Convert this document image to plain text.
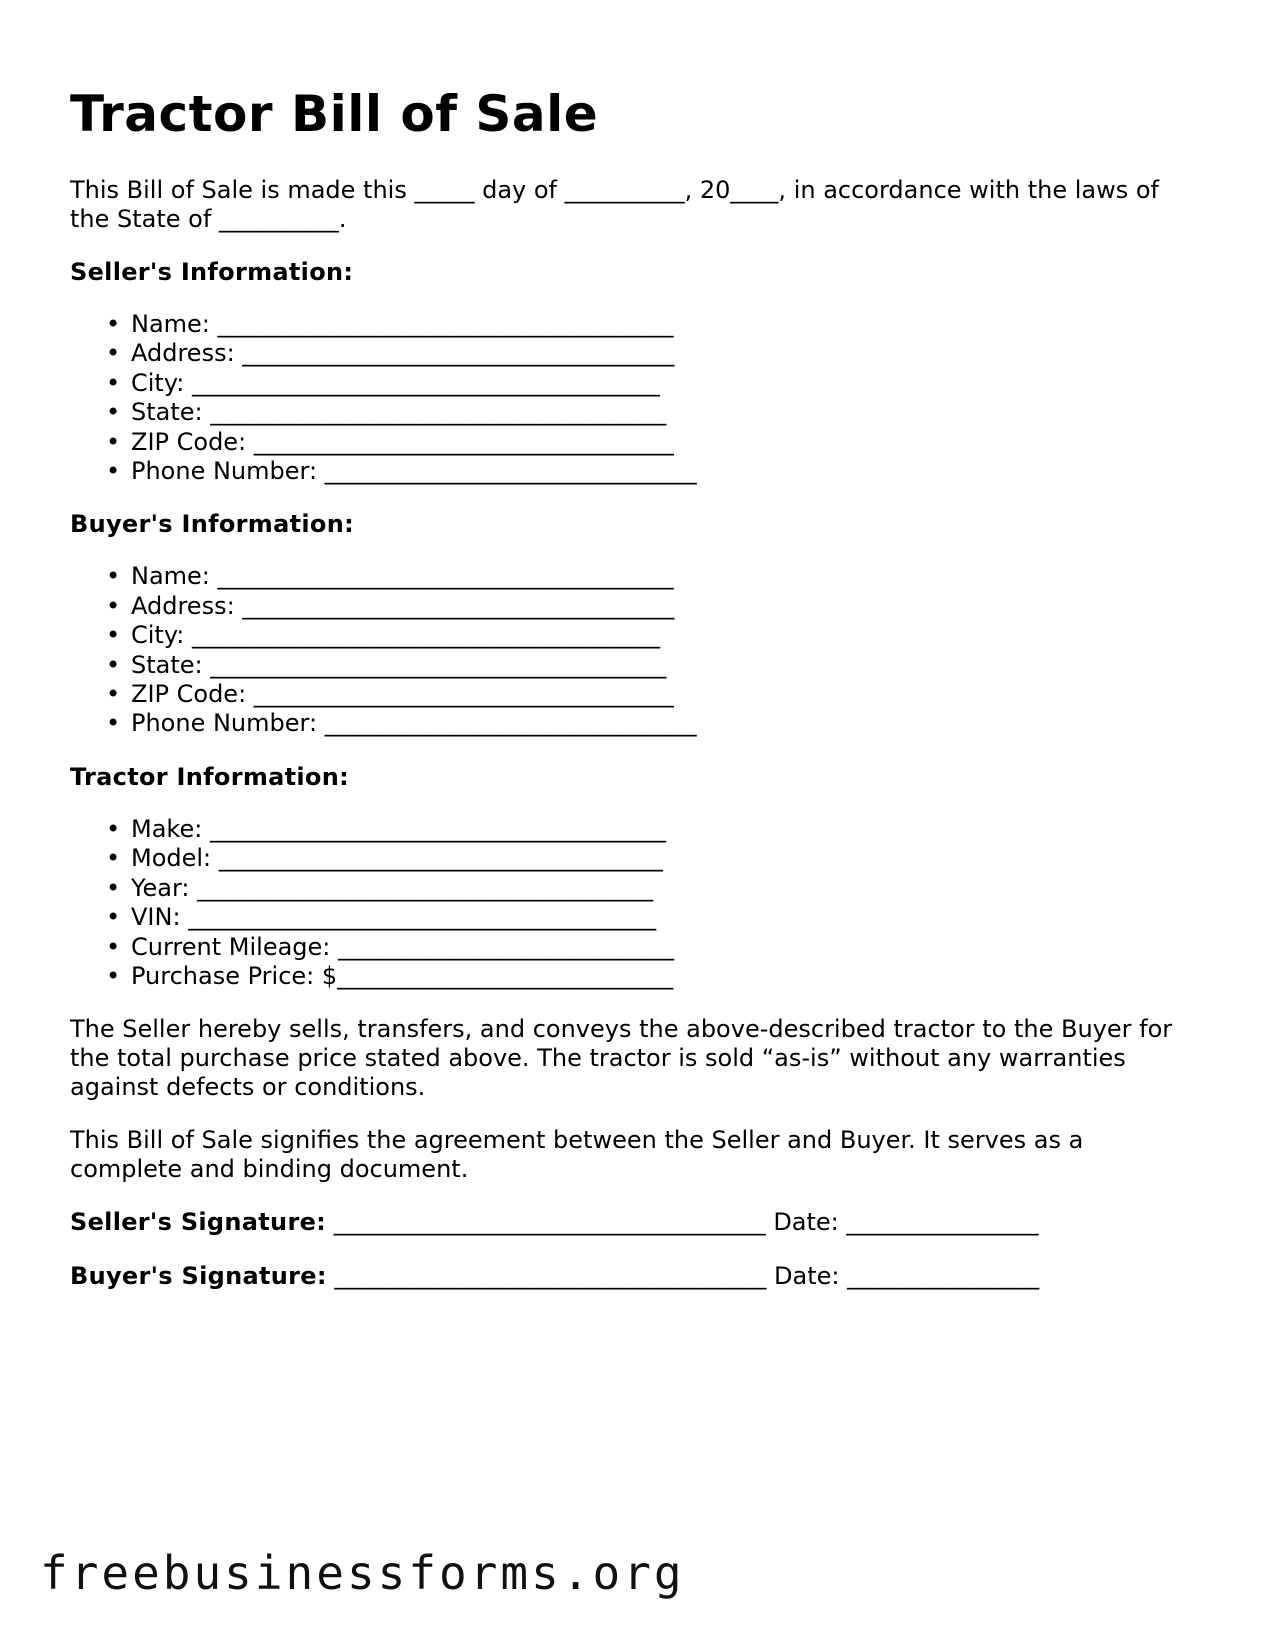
Tractor Bill of Sale

This Bill of Sale is made this _____ day of __________, 20____, in accordance with the laws of the State of __________.

Seller's Information:
• Name: ______________________________________
• Address: ____________________________________
• City: _______________________________________
• State: ______________________________________
• ZIP Code: ___________________________________
• Phone Number: _______________________________
Buyer's Information:
• Name: ______________________________________
• Address: ____________________________________
• City: _______________________________________
• State: ______________________________________
• ZIP Code: ___________________________________
• Phone Number: _______________________________
Tractor Information:
• Make: ______________________________________
• Model: _____________________________________
• Year: ______________________________________
• VIN: _______________________________________
• Current Mileage: ____________________________
• Purchase Price: $____________________________

The Seller hereby sells, transfers, and conveys the above-described tractor to the Buyer for the total purchase price stated above. The tractor is sold “as-is” without any warranties against defects or conditions.

This Bill of Sale signifies the agreement between the Seller and Buyer. It serves as a complete and binding document.

Seller's Signature: ____________________________________ Date: ________________
Buyer's Signature: ____________________________________ Date: ________________
freebusinessforms.org
